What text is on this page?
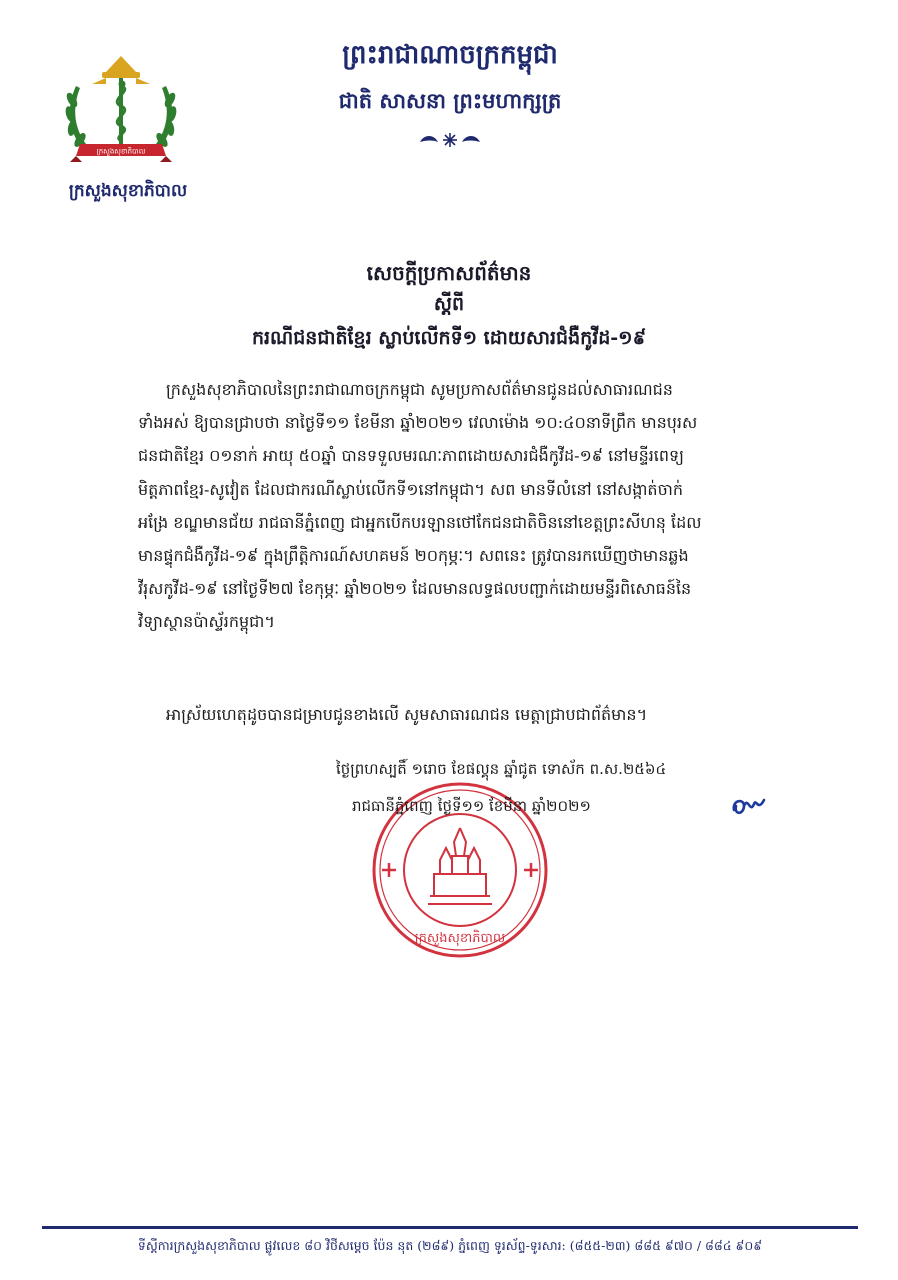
ក្រសួងសុខាភិបាល
ក្រសួងសុខាភិបាល
ព្រះរាជាណាចក្រកម្ពុជា
ជាតិ សាសនា ព្រះមហាក្សត្រ
សេចក្តីប្រកាសព័ត៌មាន
ស្តីពី
ករណីជនជាតិខ្មែរ ស្លាប់លើកទី១ ដោយសារជំងឺកូវីដ-១៩
ក្រសួងសុខាភិបាលនៃព្រះរាជាណាចក្រកម្ពុជា សូមប្រកាសព័ត៌មានជូនដល់សាធារណជន
ទាំងអស់ ឱ្យបានជ្រាបថា នាថ្ងៃទី១១ ខែមីនា ឆ្នាំ២០២១ វេលាម៉ោង ១០:៤០នាទីព្រឹក មានបុរស
ជនជាតិខ្មែរ ០១នាក់ អាយុ ៥០ឆ្នាំ បានទទួលមរណៈភាពដោយសារជំងឺកូវីដ-១៩ នៅមន្ទីរពេទ្យ
មិត្តភាពខ្មែរ-សូវៀត ដែលជាករណីស្លាប់លើកទី១នៅកម្ពុជា។ សព មានទីលំនៅ នៅសង្កាត់ចាក់
អង្រែ ខណ្ឌមានជ័យ រាជធានីភ្នំពេញ ជាអ្នកបើកបរឡានថៅកែជនជាតិចិននៅខេត្តព្រះសីហនុ ដែល
មានផ្ទុកជំងឺកូវីដ-១៩ ក្នុងព្រឹត្តិការណ៍សហគមន៍ ២០កុម្ភៈ។ សពនេះ ត្រូវបានរកឃើញថាមានឆ្លង
វីរុសកូវីដ-១៩ នៅថ្ងៃទី២៧ ខែកុម្ភៈ ឆ្នាំ២០២១ ដែលមានលទ្ធផលបញ្ជាក់ដោយមន្ទីរពិសោធន៍នៃ
វិទ្យាស្ថានប៉ាស្ទ័រកម្ពុជា។
អាស្រ័យហេតុដូចបានជម្រាបជូនខាងលើ សូមសាធារណជន មេត្តាជ្រាបជាព័ត៌មាន។
ក្រសួងសុខាភិបាល
ថ្ងៃព្រហស្បតិ៍ ១រោច ខែផល្គុន ឆ្នាំជូត ទោស័ក ព.ស.២៥៦៤
រាជធានីភ្នំពេញ ថ្ងៃទី១១ ខែមីនា ឆ្នាំ២០២១
ទីស្តីការក្រសួងសុខាភិបាល ផ្លូវលេខ ៨០ វិថីសម្តេច ប៉ែន នុត (២៨៩) ភ្នំពេញ ទូរស័ព្ទ-ទូរសារ: (៨៥៥-២៣) ៨៨៥ ៩៧០ / ៨៨៤ ៩០៩
